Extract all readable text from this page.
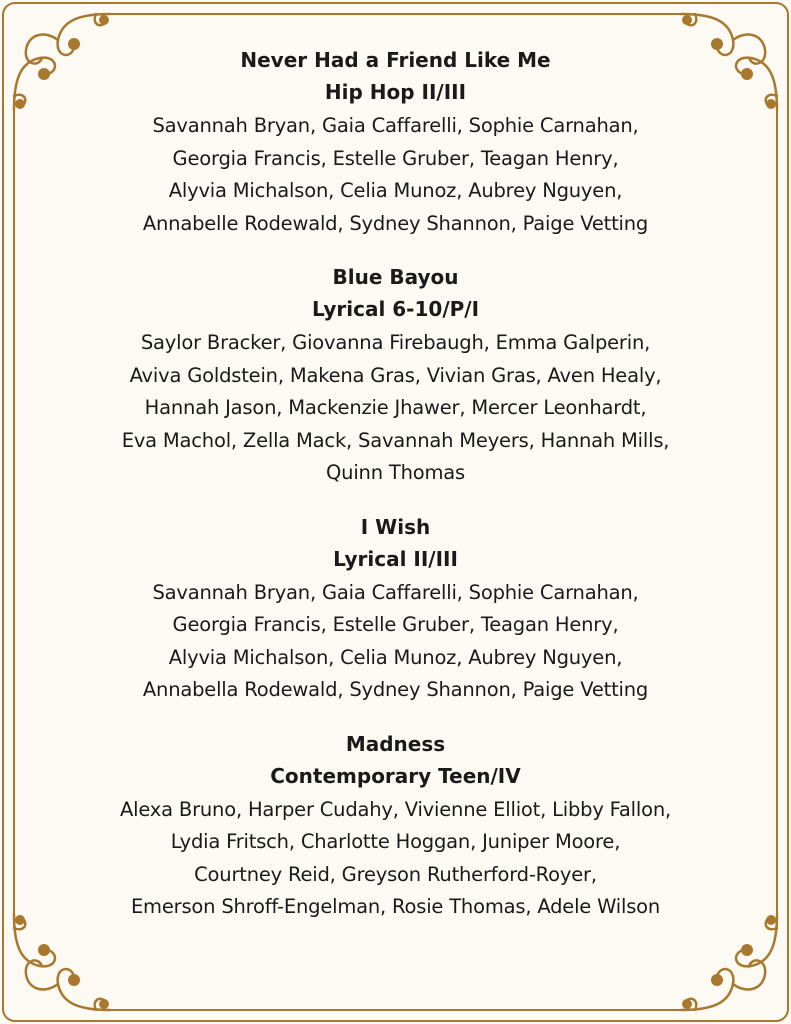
Never Had a Friend Like Me

Hip Hop II/III

Savannah Bryan, Gaia Caffarelli, Sophie Carnahan,
Georgia Francis, Estelle Gruber, Teagan Henry,
Alyvia Michalson, Celia Munoz, Aubrey Nguyen,
Annabelle Rodewald, Sydney Shannon, Paige Vetting

Blue Bayou

Lyrical 6-10/P/I

Saylor Bracker, Giovanna Firebaugh, Emma Galperin,
Aviva Goldstein, Makena Gras, Vivian Gras, Aven Healy,
Hannah Jason, Mackenzie Jhawer, Mercer Leonhardt,
Eva Machol, Zella Mack, Savannah Meyers, Hannah Mills,
Quinn Thomas

I Wish

Lyrical II/III

Savannah Bryan, Gaia Caffarelli, Sophie Carnahan,
Georgia Francis, Estelle Gruber, Teagan Henry,
Alyvia Michalson, Celia Munoz, Aubrey Nguyen,
Annabella Rodewald, Sydney Shannon, Paige Vetting

Madness

Contemporary Teen/IV

Alexa Bruno, Harper Cudahy, Vivienne Elliot, Libby Fallon,
Lydia Fritsch, Charlotte Hoggan, Juniper Moore,
Courtney Reid, Greyson Rutherford-Royer,
Emerson Shroff-Engelman, Rosie Thomas, Adele Wilson
